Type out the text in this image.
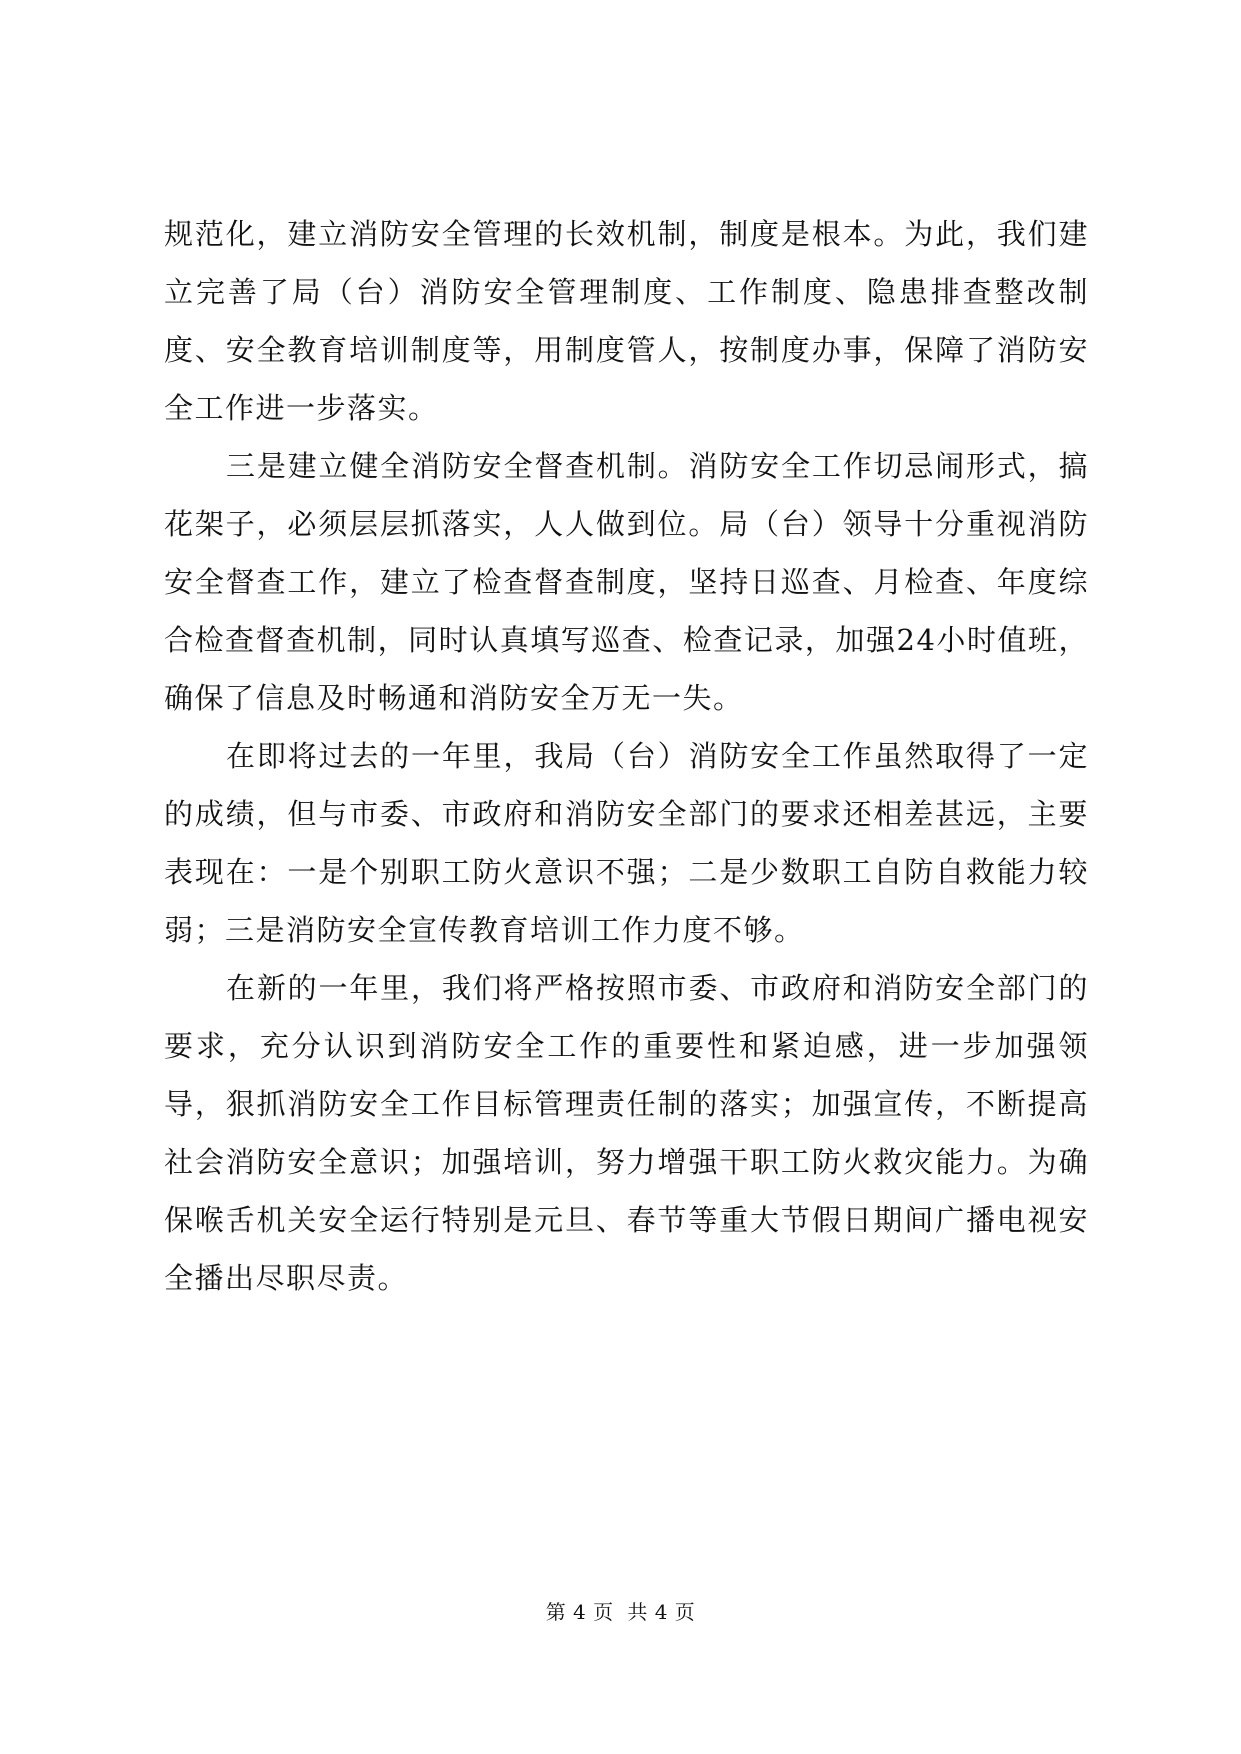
规范化，建立消防安全管理的长效机制，制度是根本。为此，我们建立完善了局（台）消防安全管理制度、工作制度、隐患排查整改制度、安全教育培训制度等，用制度管人，按制度办事，保障了消防安全工作进一步落实。

三是建立健全消防安全督查机制。消防安全工作切忌闹形式，搞花架子，必须层层抓落实，人人做到位。局（台）领导十分重视消防安全督查工作，建立了检查督查制度，坚持日巡查、月检查、年度综合检查督查机制，同时认真填写巡查、检查记录，加强24小时值班，确保了信息及时畅通和消防安全万无一失。

在即将过去的一年里，我局（台）消防安全工作虽然取得了一定的成绩，但与市委、市政府和消防安全部门的要求还相差甚远，主要表现在：一是个别职工防火意识不强；二是少数职工自防自救能力较弱；三是消防安全宣传教育培训工作力度不够。

在新的一年里，我们将严格按照市委、市政府和消防安全部门的要求，充分认识到消防安全工作的重要性和紧迫感，进一步加强领导，狠抓消防安全工作目标管理责任制的落实；加强宣传，不断提高社会消防安全意识；加强培训，努力增强干职工防火救灾能力。为确保喉舌机关安全运行特别是元旦、春节等重大节假日期间广播电视安全播出尽职尽责。

第 4 页  共 4 页
